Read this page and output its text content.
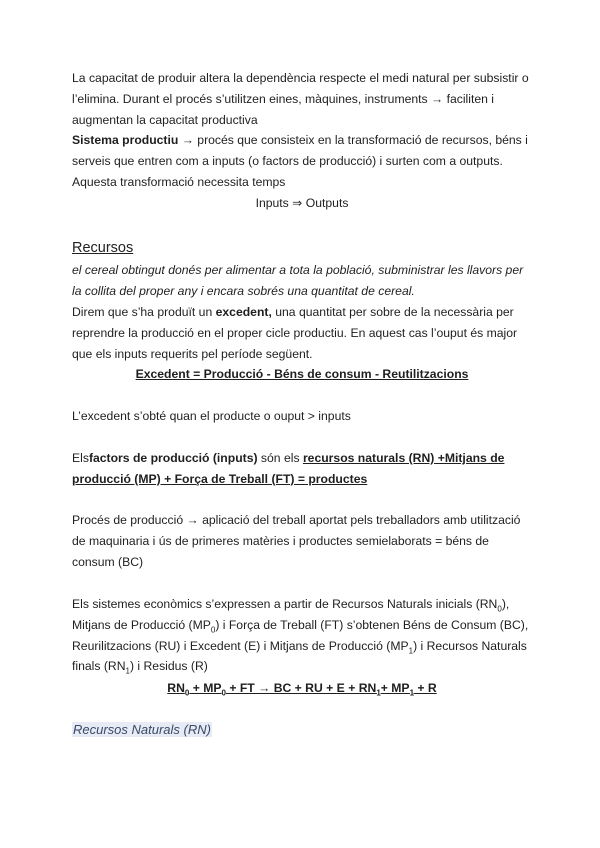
La capacitat de produir altera la dependència respecte el medi natural per subsistir o l’elimina. Durant el procés s’utilitzen eines, màquines, instruments → faciliten i augmentan la capacitat productiva

Sistema productiu → procés que consisteix en la transformació de recursos, béns i serveis que entren com a inputs (o factors de producció) i surten com a outputs. Aquesta transformació necessita temps

Inputs ⇒ Outputs

Recursos

el cereal obtingut donés per alimentar a tota la població, subministrar les llavors per la collita del proper any i encara sobrés una quantitat de cereal.

Direm que s’ha produït un excedent, una quantitat per sobre de la necessària per reprendre la producció en el proper cicle productiu. En aquest cas l’ouput és major que els inputs requerits pel període següent.

Excedent = Producció - Béns de consum - Reutilitzacions

L’excedent s’obté quan el producte o ouput > inputs

Elsfactors de producció (inputs) són els recursos naturals (RN) +Mitjans de producció (MP) + Força de Treball (FT) = productes

Procés de producció → aplicació del treball aportat pels treballadors amb utilització de maquinaria i ús de primeres matèries i productes semielaborats = béns de consum (BC)

Els sistemes econòmics s’expressen a partir de Recursos Naturals inicials $(RN_0)$, Mitjans de Producció $(MP_0)$ i Força de Treball (FT) s’obtenen Béns de Consum (BC), Reurilitzacions (RU) i Excedent (E) i Mitjans de Producció $(MP_1)$ i Recursos Naturals finals $(RN_1)$ i Residus (R)

$RN_0 + MP_0$ + FT → BC + RU + $E + RN_1+ MP_1 + R$

Recursos Naturals (RN)
